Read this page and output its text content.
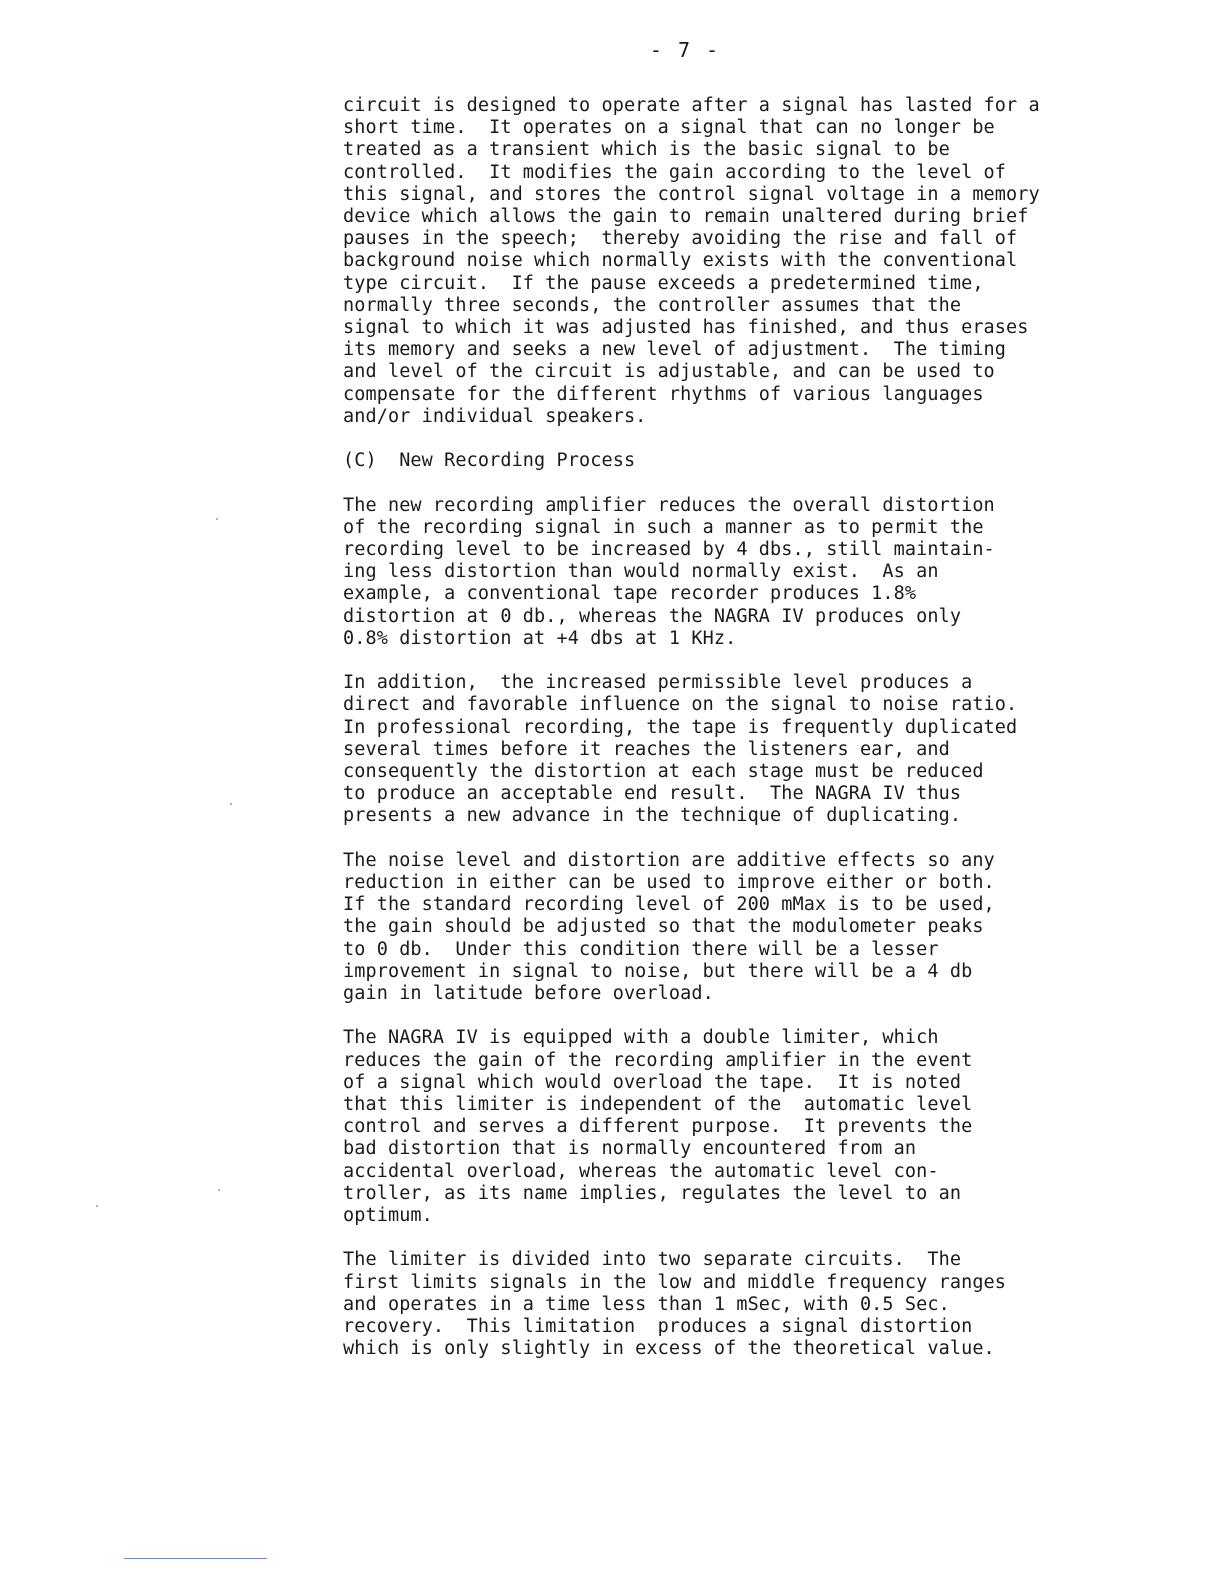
- 7 -
circuit is designed to operate after a signal has lasted for a
short time.  It operates on a signal that can no longer be
treated as a transient which is the basic signal to be
controlled.  It modifies the gain according to the level of
this signal, and stores the control signal voltage in a memory
device which allows the gain to remain unaltered during brief
pauses in the speech;  thereby avoiding the rise and fall of
background noise which normally exists with the conventional
type circuit.  If the pause exceeds a predetermined time,
normally three seconds, the controller assumes that the
signal to which it was adjusted has finished, and thus erases
its memory and seeks a new level of adjustment.  The timing
and level of the circuit is adjustable, and can be used to
compensate for the different rhythms of various languages
and/or individual speakers.
(C)  New Recording Process
The new recording amplifier reduces the overall distortion
of the recording signal in such a manner as to permit the
recording level to be increased by 4 dbs., still maintain-
ing less distortion than would normally exist.  As an
example, a conventional tape recorder produces 1.8%
distortion at 0 db., whereas the NAGRA IV produces only
0.8% distortion at +4 dbs at 1 KHz.
In addition,  the increased permissible level produces a
direct and favorable influence on the signal to noise ratio.
In professional recording, the tape is frequently duplicated
several times before it reaches the listeners ear, and
consequently the distortion at each stage must be reduced
to produce an acceptable end result.  The NAGRA IV thus
presents a new advance in the technique of duplicating.
The noise level and distortion are additive effects so any
reduction in either can be used to improve either or both.
If the standard recording level of 200 mMax is to be used,
the gain should be adjusted so that the modulometer peaks
to 0 db.  Under this condition there will be a lesser
improvement in signal to noise, but there will be a 4 db
gain in latitude before overload.
The NAGRA IV is equipped with a double limiter, which
reduces the gain of the recording amplifier in the event
of a signal which would overload the tape.  It is noted
that this limiter is independent of the  automatic level
control and serves a different purpose.  It prevents the
bad distortion that is normally encountered from an
accidental overload, whereas the automatic level con-
troller, as its name implies, regulates the level to an
optimum.
The limiter is divided into two separate circuits.  The
first limits signals in the low and middle frequency ranges
and operates in a time less than 1 mSec, with 0.5 Sec.
recovery.  This limitation  produces a signal distortion
which is only slightly in excess of the theoretical value.
